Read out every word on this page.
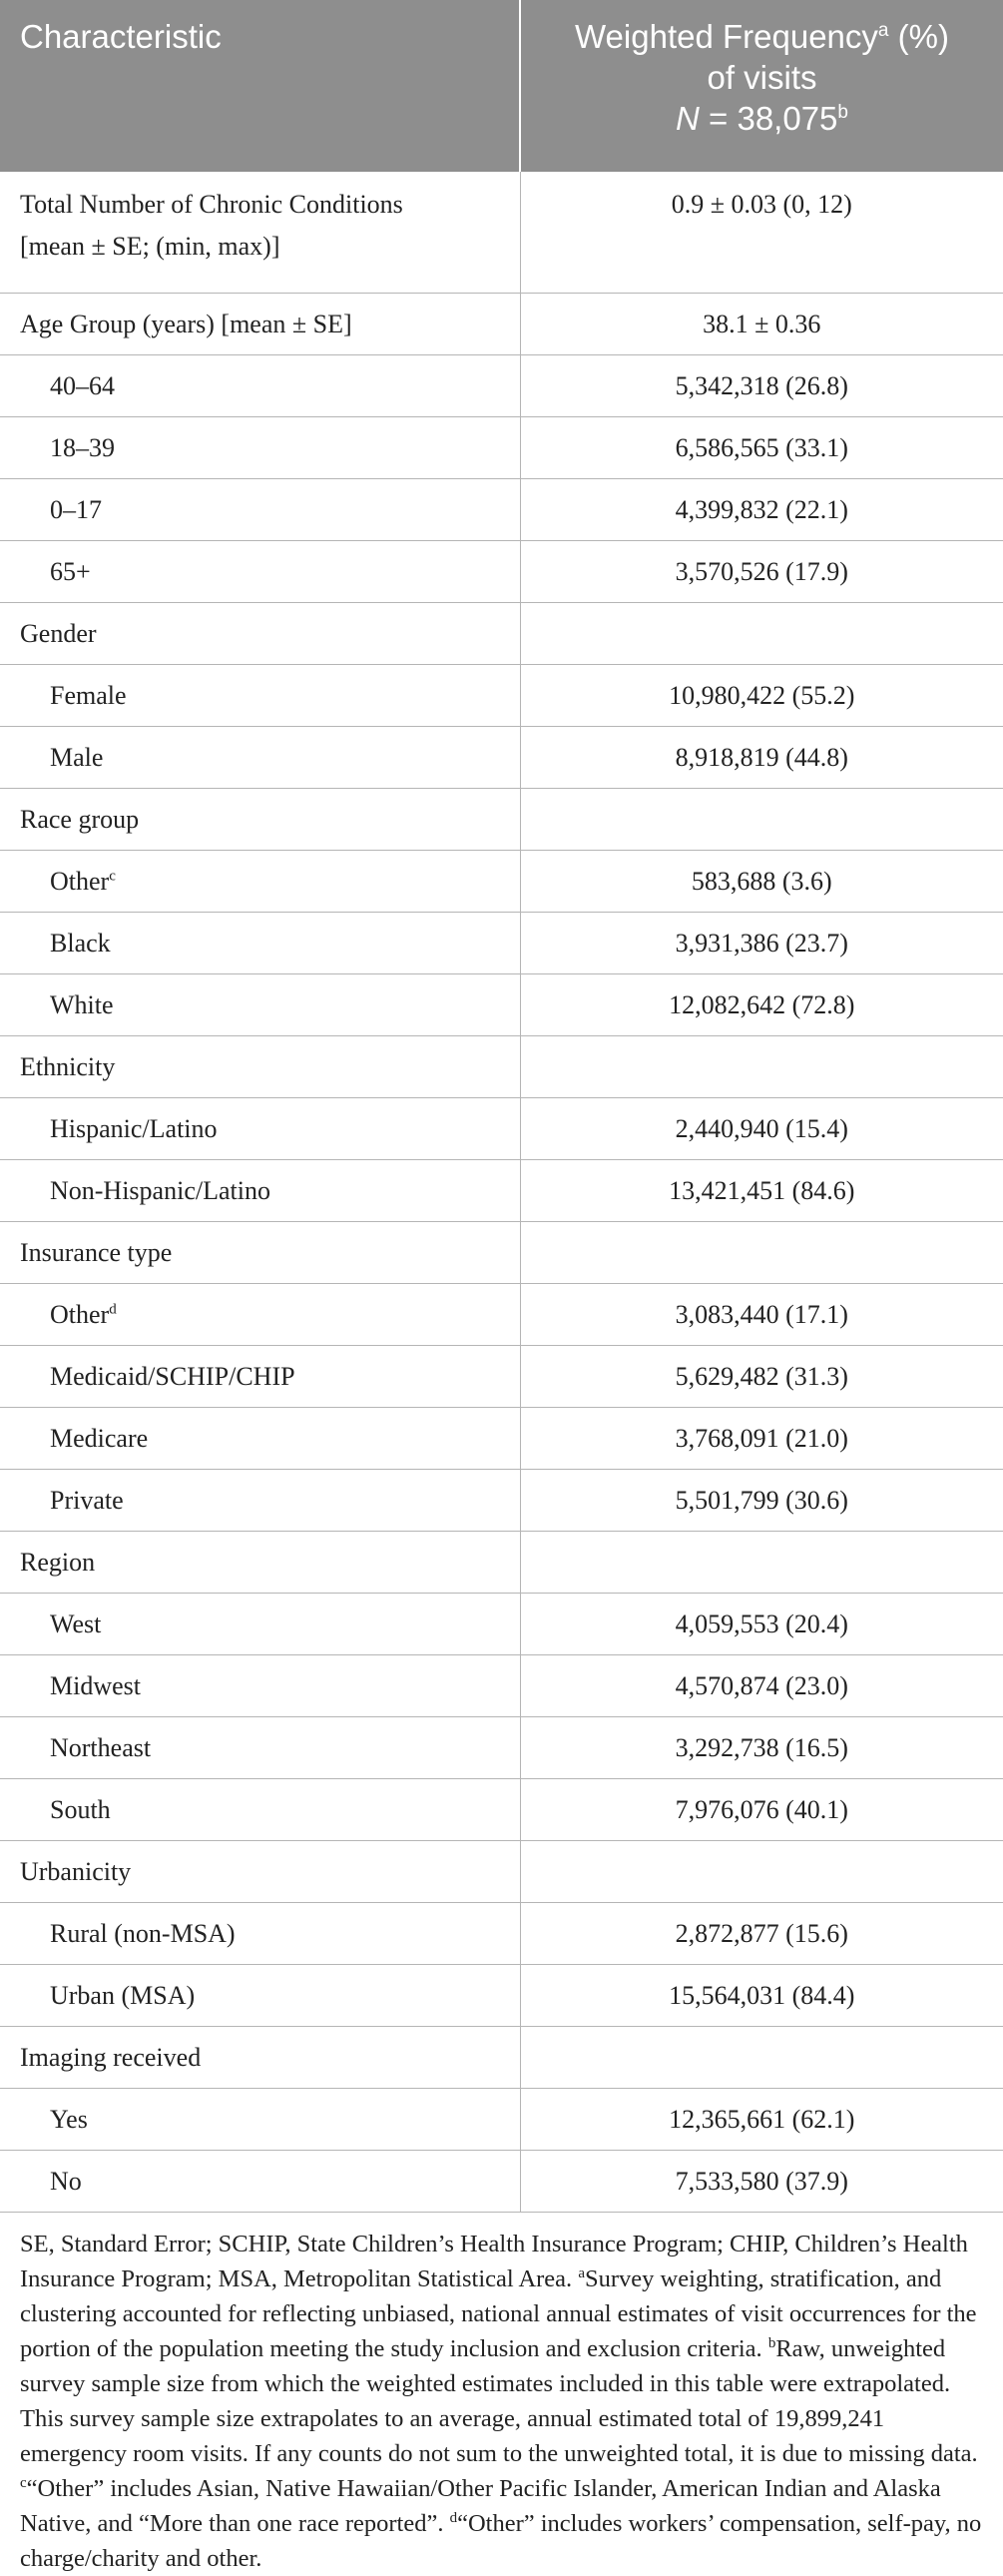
Characteristic	Weighted Frequency$^a$ (%)
of visits
N = 38,075$^b$

Total Number of Chronic Conditions
[mean ± SE; (min, max)]	0.9 ± 0.03 (0, 12)
Age Group (years) [mean ± SE]	38.1 ± 0.36
40–64	5,342,318 (26.8)
18–39	6,586,565 (33.1)
0–17	4,399,832 (22.1)
65+	3,570,526 (17.9)
Gender	
Female	10,980,422 (55.2)
Male	8,918,819 (44.8)
Race group	
Other$^c$	583,688 (3.6)
Black	3,931,386 (23.7)
White	12,082,642 (72.8)
Ethnicity	
Hispanic/Latino	2,440,940 (15.4)
Non-Hispanic/Latino	13,421,451 (84.6)
Insurance type	
Other$^d$	3,083,440 (17.1)
Medicaid/SCHIP/CHIP	5,629,482 (31.3)
Medicare	3,768,091 (21.0)
Private	5,501,799 (30.6)
Region	
West	4,059,553 (20.4)
Midwest	4,570,874 (23.0)
Northeast	3,292,738 (16.5)
South	7,976,076 (40.1)
Urbanicity	
Rural (non-MSA)	2,872,877 (15.6)
Urban (MSA)	15,564,031 (84.4)
Imaging received	
Yes	12,365,661 (62.1)
No	7,533,580 (37.9)
SE, Standard Error; SCHIP, State Children’s Health Insurance Program; CHIP, Children’s Health Insurance Program; MSA, Metropolitan Statistical Area. $^a$Survey weighting, stratification, and clustering accounted for reflecting unbiased, national annual estimates of visit occurrences for the portion of the population meeting the study inclusion and exclusion criteria. $^b$Raw, unweighted survey sample size from which the weighted estimates included in this table were extrapolated. This survey sample size extrapolates to an average, annual estimated total of 19,899,241 emergency room visits. If any counts do not sum to the unweighted total, it is due to missing data. $^c$“Other” includes Asian, Native Hawaiian/Other Pacific Islander, American Indian and Alaska Native, and “More than one race reported”. $^d$“Other” includes workers’ compensation, self-pay, no charge/charity and other.
